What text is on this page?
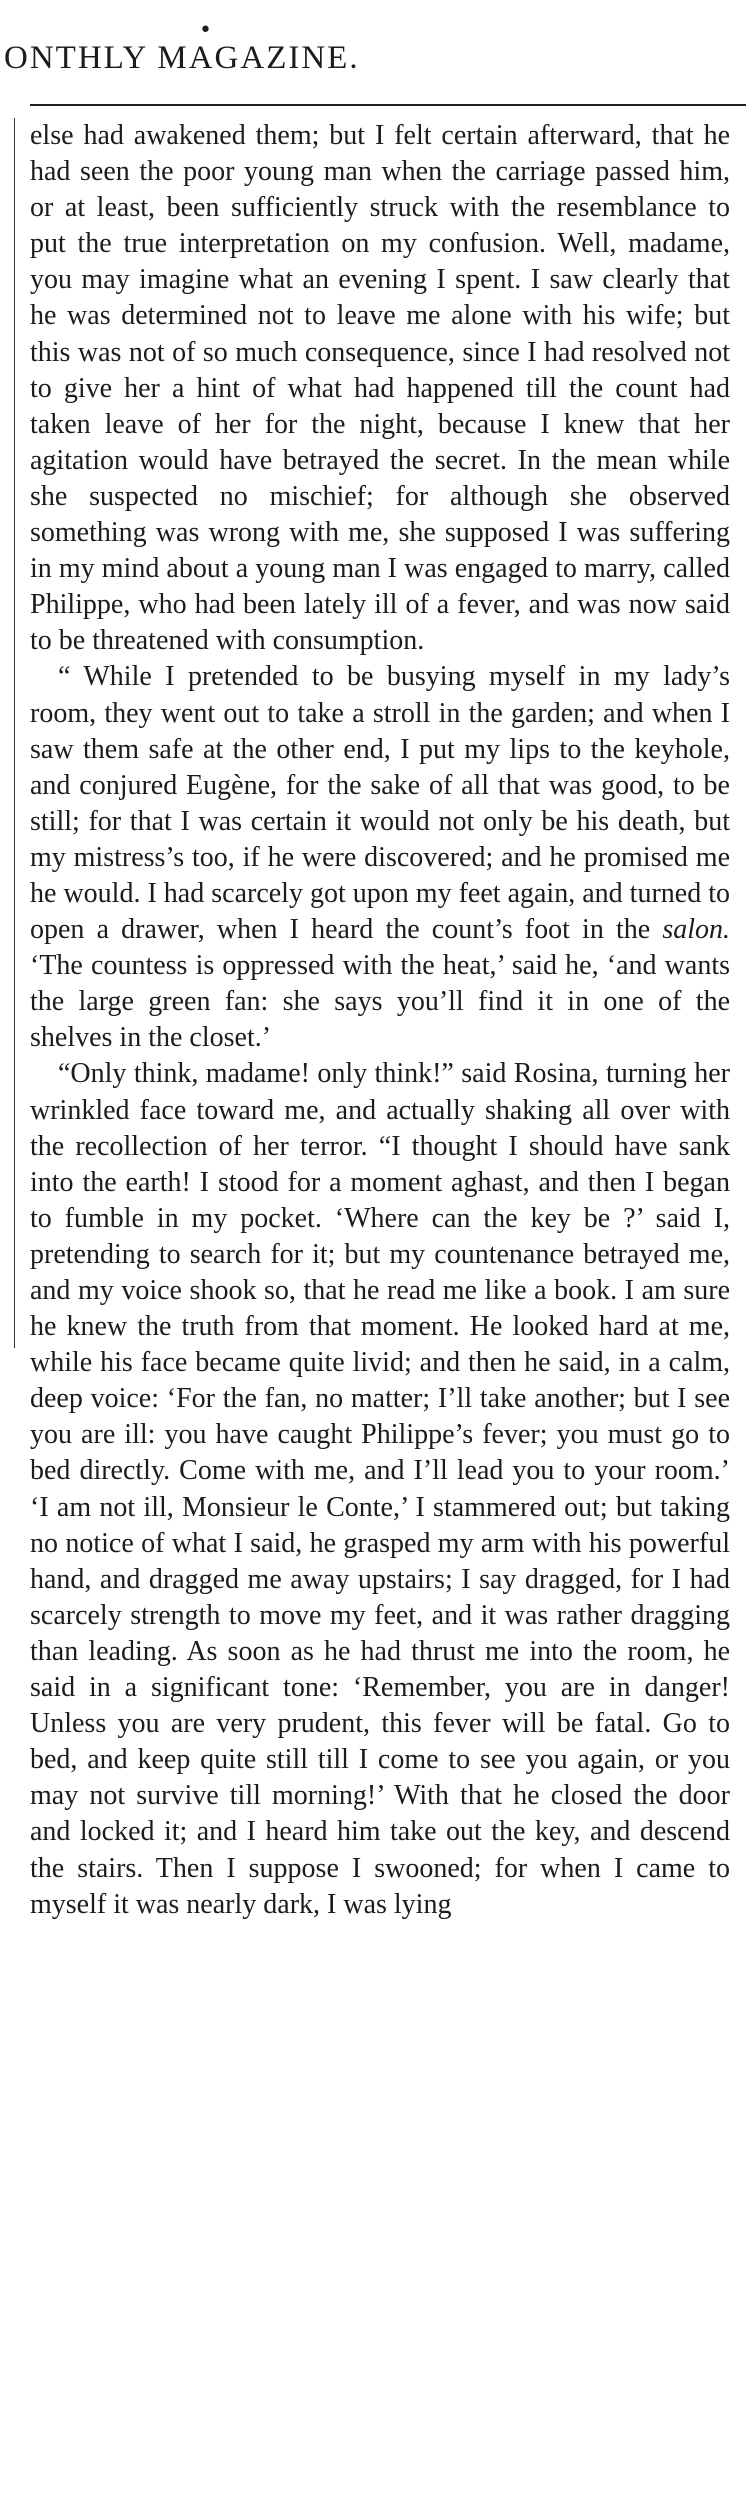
•
ONTHLY MAGAZINE.

else had awakened them; but I felt certain afterward, that he had seen the poor young man when the carriage passed him, or at least, been sufficiently struck with the resemblance to put the true interpretation on my confusion. Well, madame, you may imagine what an evening I spent. I saw clearly that he was determined not to leave me alone with his wife; but this was not of so much consequence, since I had resolved not to give her a hint of what had happened till the count had taken leave of her for the night, because I knew that her agitation would have betrayed the secret. In the mean while she suspected no mischief; for although she observed something was wrong with me, she supposed I was suffering in my mind about a young man I was engaged to marry, called Philippe, who had been lately ill of a fever, and was now said to be threatened with consumption.

“ While I pretended to be busying myself in my lady’s room, they went out to take a stroll in the garden; and when I saw them safe at the other end, I put my lips to the keyhole, and conjured Eugène, for the sake of all that was good, to be still; for that I was certain it would not only be his death, but my mistress’s too, if he were discovered; and he promised me he would. I had scarcely got upon my feet again, and turned to open a drawer, when I heard the count’s foot in the salon. ‘The countess is oppressed with the heat,’ said he, ‘and wants the large green fan: she says you’ll find it in one of the shelves in the closet.’

“Only think, madame! only think!” said Rosina, turning her wrinkled face toward me, and actually shaking all over with the recollection of her terror. “I thought I should have sank into the earth! I stood for a moment aghast, and then I began to fumble in my pocket. ‘Where can the key be ?’ said I, pretending to search for it; but my countenance betrayed me, and my voice shook so, that he read me like a book. I am sure he knew the truth from that moment. He looked hard at me, while his face became quite livid; and then he said, in a calm, deep voice: ‘For the fan, no matter; I’ll take another; but I see you are ill: you have caught Philippe’s fever; you must go to bed directly. Come with me, and I’ll lead you to your room.’ ‘I am not ill, Monsieur le Conte,’ I stammered out; but taking no notice of what I said, he grasped my arm with his powerful hand, and dragged me away upstairs; I say dragged, for I had scarcely strength to move my feet, and it was rather dragging than leading. As soon as he had thrust me into the room, he said in a significant tone: ‘Remember, you are in danger! Unless you are very prudent, this fever will be fatal. Go to bed, and keep quite still till I come to see you again, or you may not survive till morning!’ With that he closed the door and locked it; and I heard him take out the key, and descend the stairs. Then I suppose I swooned; for when I came to myself it was nearly dark, I was lying
